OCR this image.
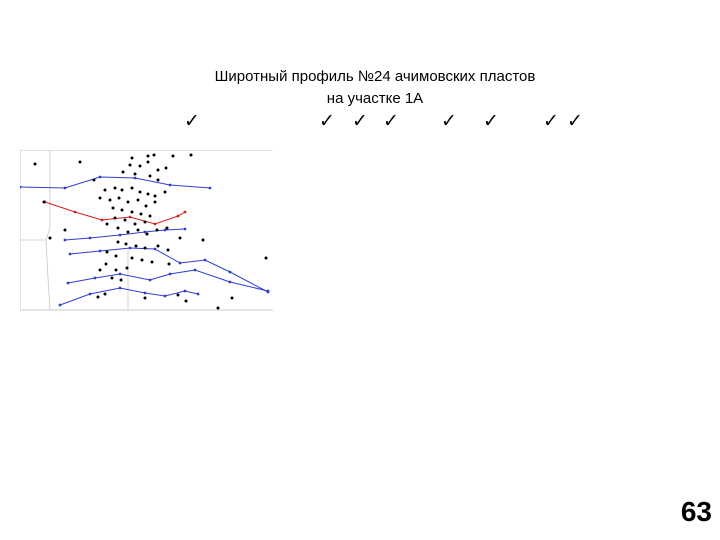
Широтный профиль №24 ачимовских пластов
на участке 1А
✓	✓ ✓ ✓ ✓ ✓ ✓ ✓
63
